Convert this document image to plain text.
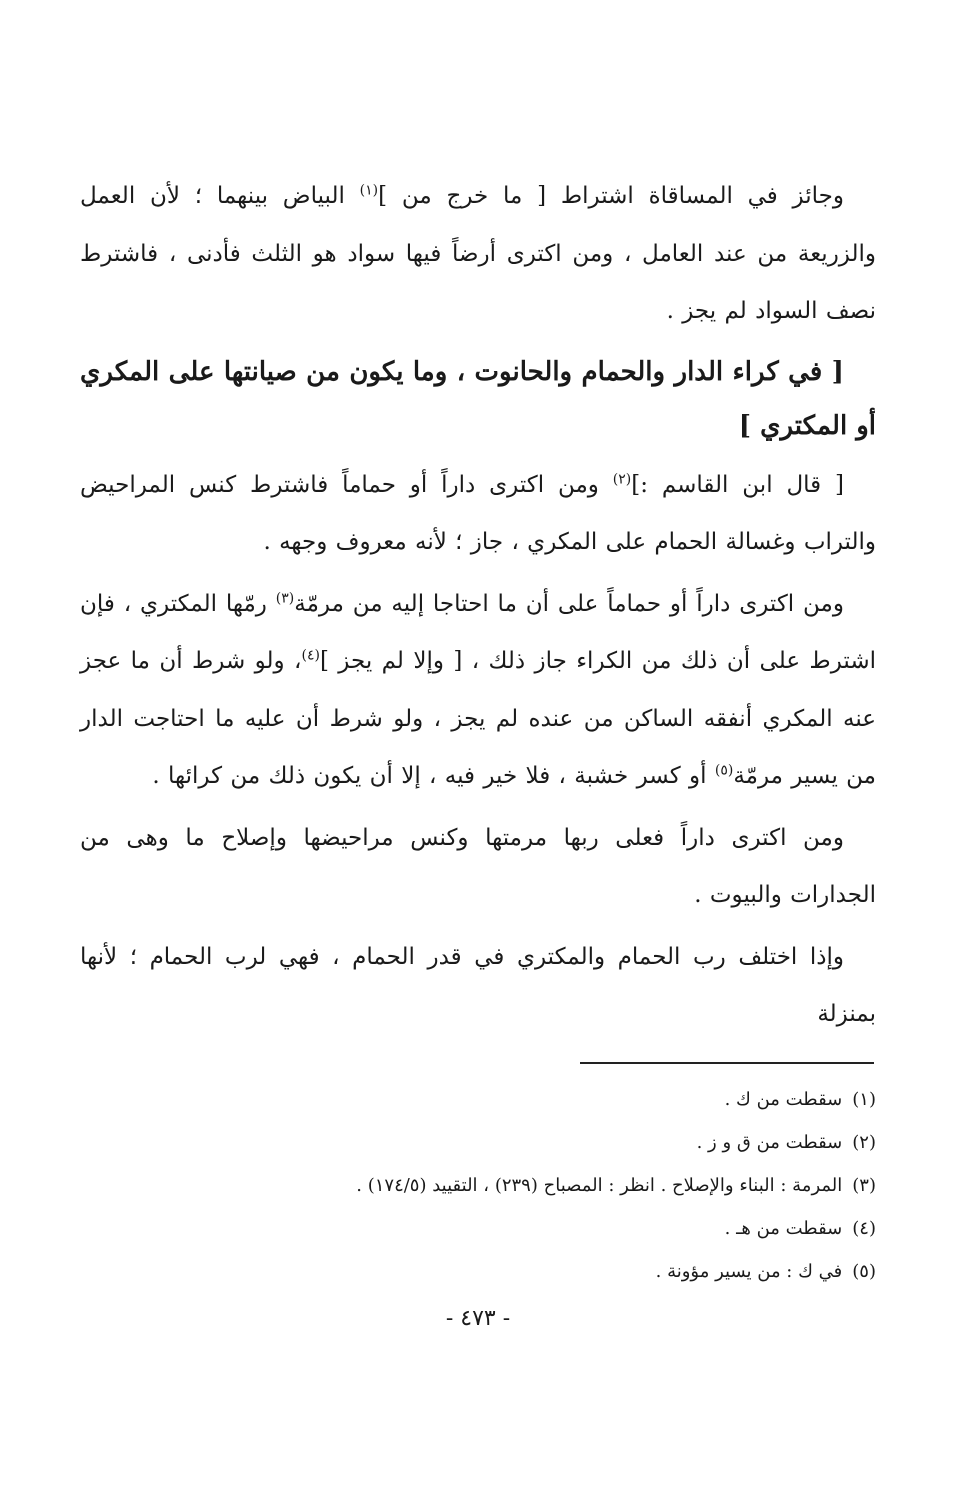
وجائز في المساقاة اشتراط [ ما خرج من ]$^{(١)}$ البياض بينهما ؛ لأن العمل والزريعة من عند العامل ، ومن اكترى أرضاً فيها سواد هو الثلث فأدنى ، فاشترط نصف السواد لم يجز .

[ في كراء الدار والحمام والحانوت ، وما يكون من صيانتها على المكري أو المكتري ]

[ قال ابن القاسم :]$^{(٢)}$ ومن اكترى داراً أو حماماً فاشترط كنس المراحيض والتراب وغسالة الحمام على المكري ، جاز ؛ لأنه معروف وجهه .

ومن اكترى داراً أو حماماً على أن ما احتاجا إليه من مرمّة$^{(٣)}$ رمّها المكتري ، فإن اشترط على أن ذلك من الكراء جاز ذلك ، [ وإلا لم يجز ]$^{(٤)}$، ولو شرط أن ما عجز عنه المكري أنفقه الساكن من عنده لم يجز ، ولو شرط أن عليه ما احتاجت الدار من يسير مرمّة$^{(٥)}$ أو كسر خشبة ، فلا خير فيه ، إلا أن يكون ذلك من كرائها .

ومن اكترى داراً فعلى ربها مرمتها وكنس مراحيضها وإصلاح ما وهى من الجدارات والبيوت .

وإذا اختلف رب الحمام والمكتري في قدر الحمام ، فهي لرب الحمام ؛ لأنها بمنزلة

(١)سقطت من ك .
(٢)سقطت من ق و ز .
(٣)المرمة : البناء والإصلاح . انظر : المصباح (٢٣٩) ، التقييد (١٧٤/٥) .
(٤)سقطت من هـ .
(٥)في ك : من يسير مؤونة .
- ٤٧٣ -
